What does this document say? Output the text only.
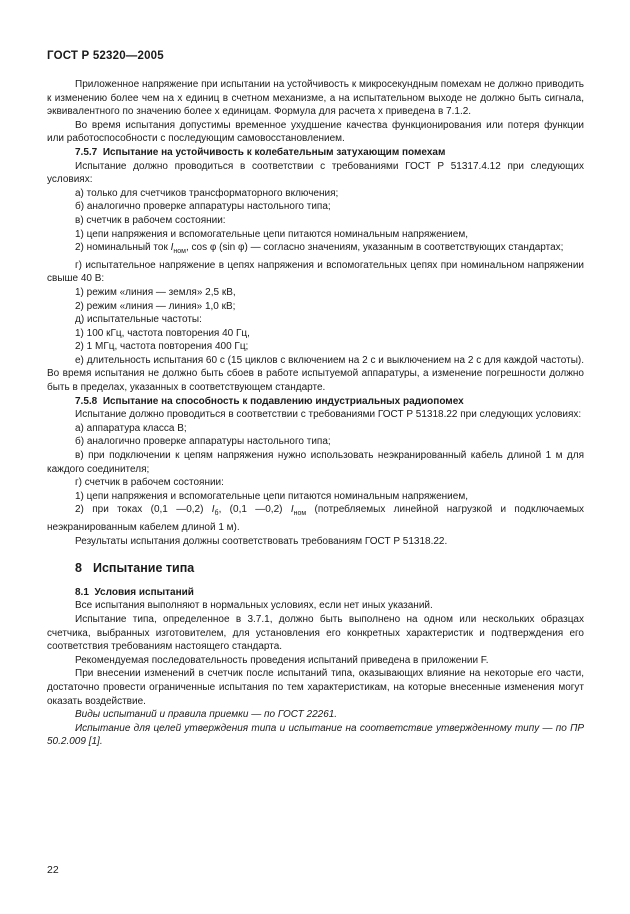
ГОСТ Р 52320—2005

Приложенное напряжение при испытании на устойчивость к микросекундным помехам не должно приводить к изменению более чем на x единиц в счетном механизме, а на испытательном выходе не должно быть сигнала, эквивалентного по значению более x единицам. Формула для расчета x приведена в 7.1.2.

Во время испытания допустимы временное ухудшение качества функционирования или потеря функции или работоспособности с последующим самовосстановлением.

7.5.7 Испытание на устойчивость к колебательным затухающим помехам

Испытание должно проводиться в соответствии с требованиями ГОСТ Р 51317.4.12 при следующих условиях:

а) только для счетчиков трансформаторного включения;

б) аналогично проверке аппаратуры настольного типа;

в) счетчик в рабочем состоянии:

1) цепи напряжения и вспомогательные цепи питаются номинальным напряжением,

2) номинальный ток $I_{ном}$, cos φ (sin φ) — согласно значениям, указанным в соответствующих стандартах;

г) испытательное напряжение в цепях напряжения и вспомогательных цепях при номинальном напряжении свыше 40 В:

1) режим «линия — земля» 2,5 кВ,

2) режим «линия — линия» 1,0 кВ;

д) испытательные частоты:

1) 100 кГц, частота повторения 40 Гц,

2) 1 МГц, частота повторения 400 Гц;

е) длительность испытания 60 с (15 циклов с включением на 2 с и выключением на 2 с для каждой частоты). Во время испытания не должно быть сбоев в работе испытуемой аппаратуры, а изменение погрешности должно быть в пределах, указанных в соответствующем стандарте.

7.5.8 Испытание на способность к подавлению индустриальных радиопомех

Испытание должно проводиться в соответствии с требованиями ГОСТ Р 51318.22 при следующих условиях:

а) аппаратура класса В;

б) аналогично проверке аппаратуры настольного типа;

в) при подключении к цепям напряжения нужно использовать неэкранированный кабель длиной 1 м для каждого соединителя;

г) счетчик в рабочем состоянии:

1) цепи напряжения и вспомогательные цепи питаются номинальным напряжением,

2) при токах (0,1 —0,2) $I_б$, (0,1 —0,2) $I_{ном}$ (потребляемых линейной нагрузкой и подключаемых неэкранированным кабелем длиной 1 м).

Результаты испытания должны соответствовать требованиям ГОСТ Р 51318.22.

8 Испытание типа

8.1 Условия испытаний

Все испытания выполняют в нормальных условиях, если нет иных указаний.

Испытание типа, определенное в 3.7.1, должно быть выполнено на одном или нескольких образцах счетчика, выбранных изготовителем, для установления его конкретных характеристик и подтверждения его соответствия требованиям настоящего стандарта.

Рекомендуемая последовательность проведения испытаний приведена в приложении F.

При внесении изменений в счетчик после испытаний типа, оказывающих влияние на некоторые его части, достаточно провести ограниченные испытания по тем характеристикам, на которые внесенные изменения могут оказать воздействие.

Виды испытаний и правила приемки — по ГОСТ 22261.

Испытание для целей утверждения типа и испытание на соответствие утвержденному типу — по ПР 50.2.009 [1].

22
